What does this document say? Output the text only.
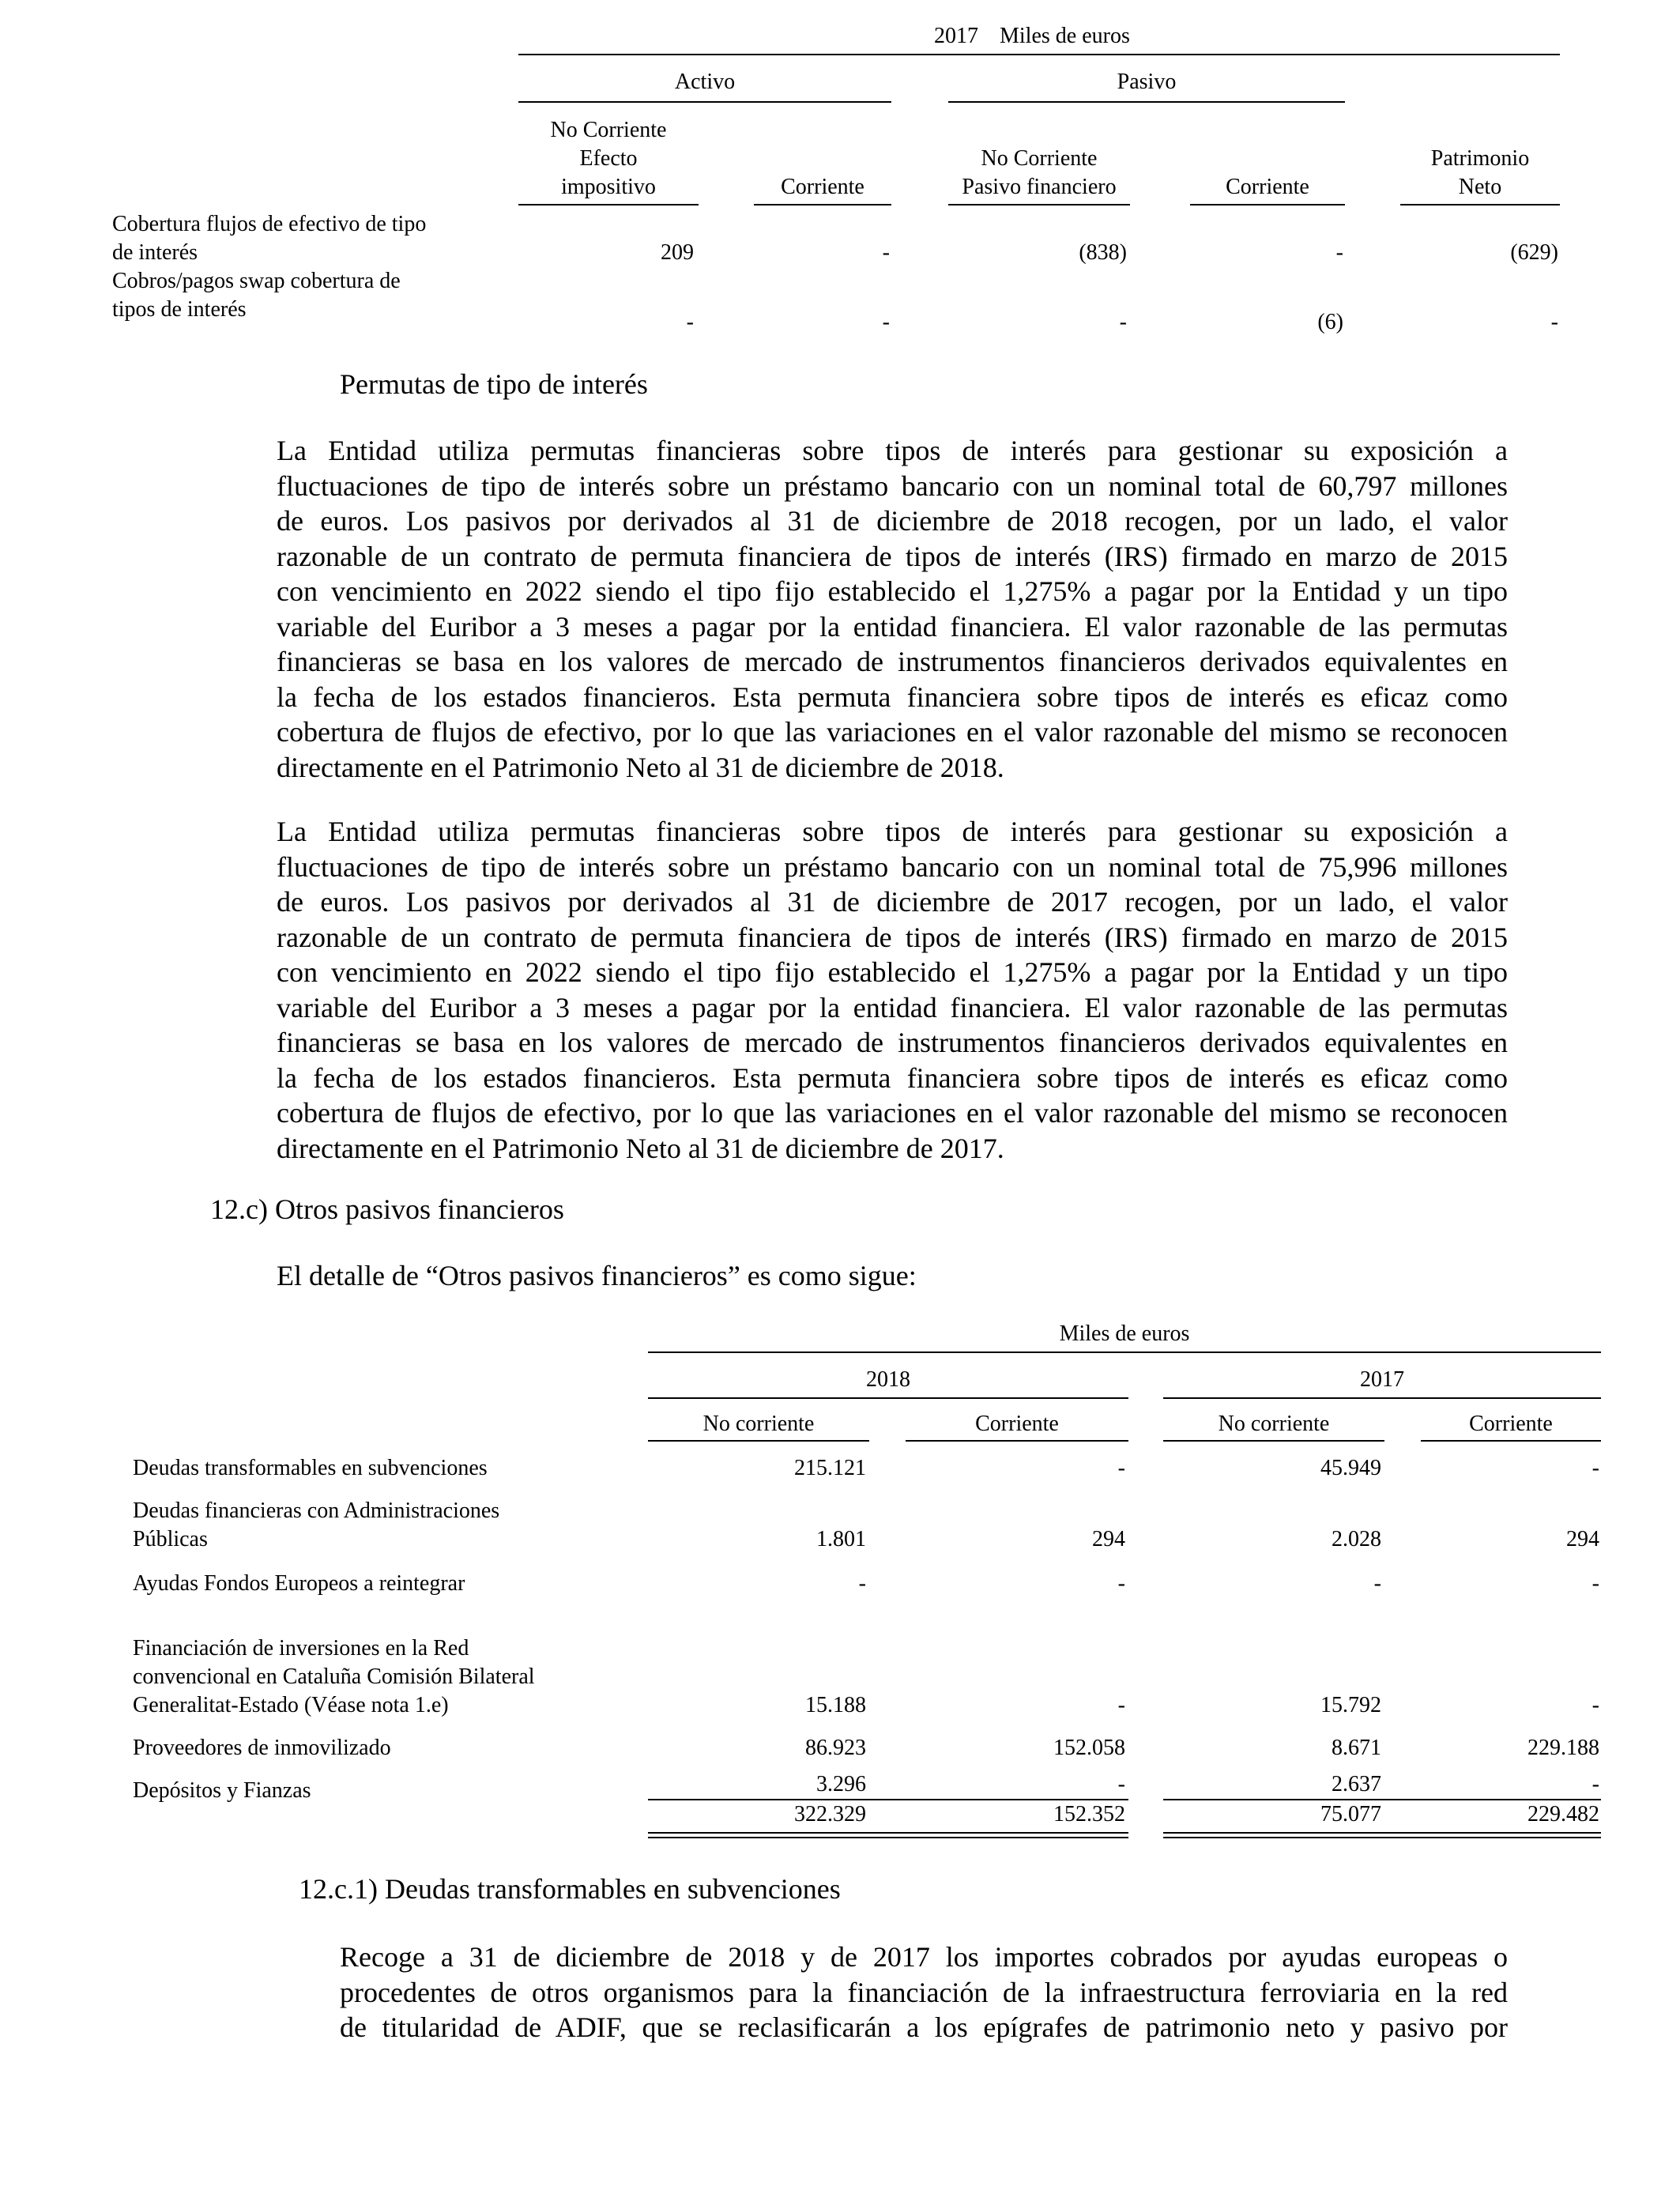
2017 Miles de euros
Activo	Pasivo
No Corriente
Efecto
impositivo	Corriente
No Corriente
Pasivo financiero	Corriente
Patrimonio
Neto
Cobertura flujos de efectivo de tipo
de interés	209	-	(838)	-	(629)
Cobros/pagos swap cobertura de
tipos de interés
-	-	-	(6)	-
Permutas de tipo de interés
La Entidad utiliza permutas financieras sobre tipos de interés para gestionar su exposición a
fluctuaciones de tipo de interés sobre un préstamo bancario con un nominal total de 60,797 millones
de euros. Los pasivos por derivados al 31 de diciembre de 2018 recogen, por un lado, el valor
razonable de un contrato de permuta financiera de tipos de interés (IRS) firmado en marzo de 2015
con vencimiento en 2022 siendo el tipo fijo establecido el 1,275% a pagar por la Entidad y un tipo
variable del Euribor a 3 meses a pagar por la entidad financiera. El valor razonable de las permutas
financieras se basa en los valores de mercado de instrumentos financieros derivados equivalentes en
la fecha de los estados financieros. Esta permuta financiera sobre tipos de interés es eficaz como
cobertura de flujos de efectivo, por lo que las variaciones en el valor razonable del mismo se reconocen
directamente en el Patrimonio Neto al 31 de diciembre de 2018.
La Entidad utiliza permutas financieras sobre tipos de interés para gestionar su exposición a
fluctuaciones de tipo de interés sobre un préstamo bancario con un nominal total de 75,996 millones
de euros. Los pasivos por derivados al 31 de diciembre de 2017 recogen, por un lado, el valor
razonable de un contrato de permuta financiera de tipos de interés (IRS) firmado en marzo de 2015
con vencimiento en 2022 siendo el tipo fijo establecido el 1,275% a pagar por la Entidad y un tipo
variable del Euribor a 3 meses a pagar por la entidad financiera. El valor razonable de las permutas
financieras se basa en los valores de mercado de instrumentos financieros derivados equivalentes en
la fecha de los estados financieros. Esta permuta financiera sobre tipos de interés es eficaz como
cobertura de flujos de efectivo, por lo que las variaciones en el valor razonable del mismo se reconocen
directamente en el Patrimonio Neto al 31 de diciembre de 2017.
12.c) Otros pasivos financieros
El detalle de “Otros pasivos financieros” es como sigue:
Miles de euros
2018	2017
No corriente	Corriente	No corriente	Corriente
Deudas transformables en subvenciones	215.121	-	45.949	-
Deudas financieras con Administraciones
Públicas	1.801	294	2.028	294
Ayudas Fondos Europeos a reintegrar	-	-	-	-
Financiación de inversiones en la Red
convencional en Cataluña Comisión Bilateral
Generalitat-Estado (Véase nota 1.e)	15.188	-	15.792	-
Proveedores de inmovilizado	86.923	152.058	8.671	229.188
Depósitos y Fianzas	3.296	-	2.637	-
322.329	152.352	75.077	229.482
12.c.1) Deudas transformables en subvenciones
Recoge a 31 de diciembre de 2018 y de 2017 los importes cobrados por ayudas europeas o
procedentes de otros organismos para la financiación de la infraestructura ferroviaria en la red
de titularidad de ADIF, que se reclasificarán a los epígrafes de patrimonio neto y pasivo por
